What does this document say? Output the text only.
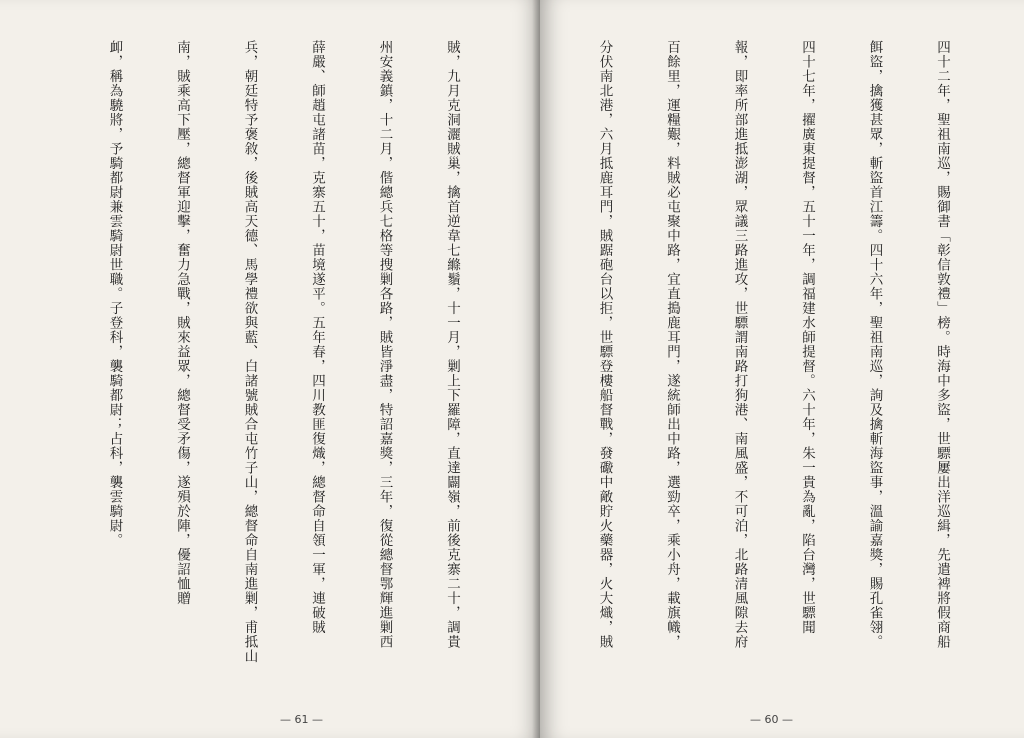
賊，九月克洞灑賊巢，擒首逆韋七縧鬚，十一月，剿上下羅障，直達闢嶺，前後克寨二十，調貴

州安義鎮，十二月，偕總兵七格等搜剿各路，賊皆淨盡，特詔嘉獎，三年，復從總督鄂輝進剿西

薛嚴、師趙屯諸苗，克寨五十，苗境遂平。五年春，四川教匪復熾，總督命自領一軍，連破賊

兵，朝廷特予褒敘，後賊高天德、馬學禮欲與藍、白諸號賊合屯竹子山，總督命自南進剿，甫抵山

南，賊乘高下壓，總督軍迎擊，奮力急戰，賊來益眾，總督受矛傷，遂殞於陣，優詔恤贈

卹，稱為驍將，予騎都尉兼雲騎尉世職。子登科，襲騎都尉；占科，襲雲騎尉。

— 61 —

四十二年，聖祖南巡，賜御書「彰信敦禮」榜。時海中多盜，世驃屢出洋巡緝，先遣裨將假商船

餌盜，擒獲甚眾，斬盜首江籌。四十六年，聖祖南巡，詢及擒斬海盜事，溫諭嘉獎，賜孔雀翎。

四十七年，擢廣東提督，五十一年，調福建水師提督。六十年，朱一貴為亂，陷台灣，世驃聞

報，即率所部進抵澎湖，眾議三路進攻，世驃謂南路打狗港、南風盛，不可泊，北路清風隙去府

百餘里，運糧艱，料賊必屯聚中路，宜直搗鹿耳門，遂統師出中路，選勁卒，乘小舟，載旗幟，

分伏南北港，六月抵鹿耳門，賊踞砲台以拒，世驃登樓船督戰，發礮中敵貯火藥器，火大熾，賊

— 60 —
